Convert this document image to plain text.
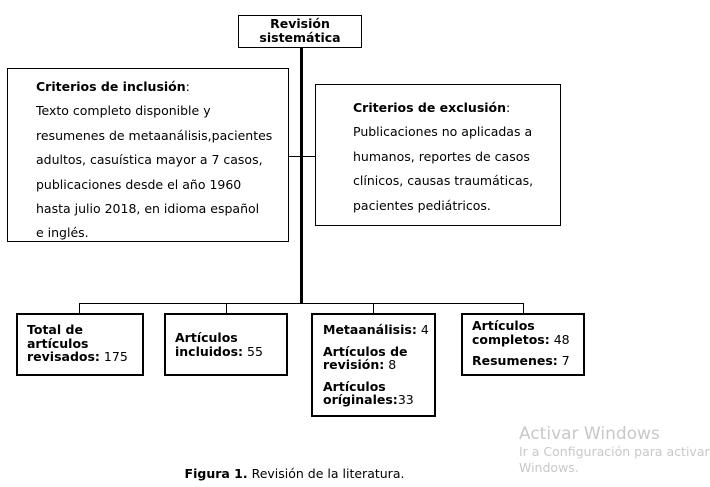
Revisión
sistemática
Criterios de inclusión:
Texto completo disponible y
resumenes de metaanálisis,pacientes
adultos, casuística mayor a 7 casos,
publicaciones desde el año 1960
hasta julio 2018, en idioma español
e inglés.
Criterios de exclusión:
Publicaciones no aplicadas a
humanos, reportes de casos
clínicos, causas traumáticas,
pacientes pediátricos.

Total de

artículos

revisados: 175

Artículos

incluidos: 55

Metaanálisis: 4

Artículos de

revisión: 8

Artículos

oríginales:33

Artículos

completos: 48

Resumenes: 7

Figura 1. Revisión de la literatura.
Activar Windows
Ir a Configuración para activar
Windows.
